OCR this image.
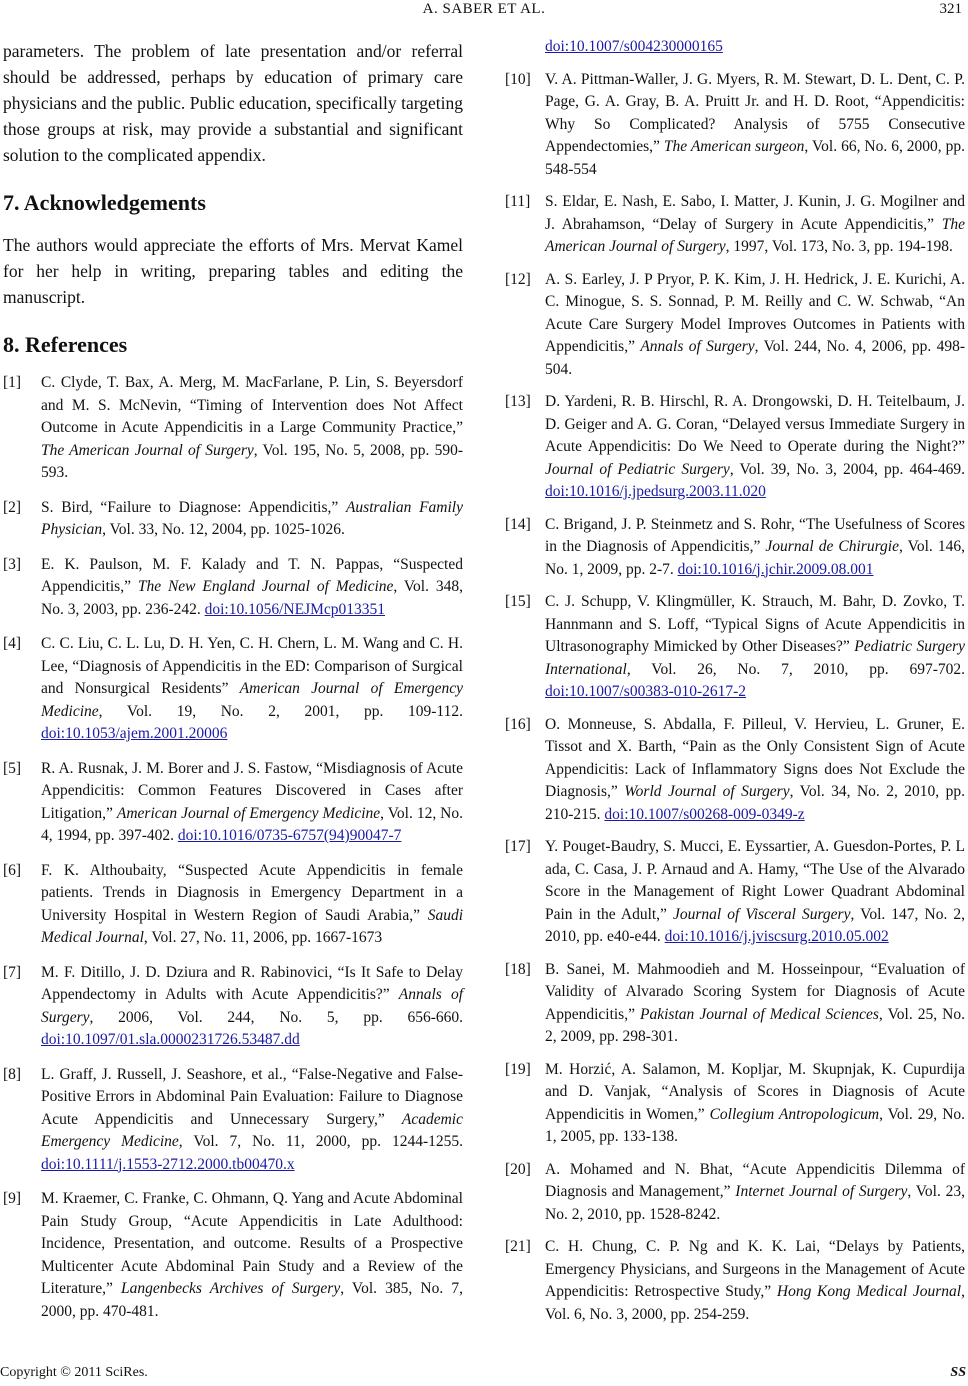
A. SABER ET AL.	321

parameters. The problem of late presentation and/or referral should be addressed, perhaps by education of primary care physicians and the public. Public education, specifically targeting those groups at risk, may provide a substantial and significant solution to the complicated appendix.

7. Acknowledgements

The authors would appreciate the efforts of Mrs. Mervat Kamel for her help in writing, preparing tables and editing the manuscript.

8. References
[1] C. Clyde, T. Bax, A. Merg, M. MacFarlane, P. Lin, S. Beyersdorf and M. S. McNevin, “Timing of Intervention does Not Affect Outcome in Acute Appendicitis in a Large Community Practice,” The American Journal of Surgery, Vol. 195, No. 5, 2008, pp. 590-593.
[2] S. Bird, “Failure to Diagnose: Appendicitis,” Australian Family Physician, Vol. 33, No. 12, 2004, pp. 1025-1026.
[3] E. K. Paulson, M. F. Kalady and T. N. Pappas, “Suspected Appendicitis,” The New England Journal of Medicine, Vol. 348, No. 3, 2003, pp. 236-242. doi:10.1056/NEJMcp013351
[4] C. C. Liu, C. L. Lu, D. H. Yen, C. H. Chern, L. M. Wang and C. H. Lee, “Diagnosis of Appendicitis in the ED: Comparison of Surgical and Nonsurgical Residents” American Journal of Emergency Medicine, Vol. 19, No. 2, 2001, pp. 109-112. doi:10.1053/ajem.2001.20006
[5] R. A. Rusnak, J. M. Borer and J. S. Fastow, “Misdiagnosis of Acute Appendicitis: Common Features Discovered in Cases after Litigation,” American Journal of Emergency Medicine, Vol. 12, No. 4, 1994, pp. 397-402. doi:10.1016/0735-6757(94)90047-7
[6] F. K. Althoubaity, “Suspected Acute Appendicitis in female patients. Trends in Diagnosis in Emergency Department in a University Hospital in Western Region of Saudi Arabia,” Saudi Medical Journal, Vol. 27, No. 11, 2006, pp. 1667-1673
[7] M. F. Ditillo, J. D. Dziura and R. Rabinovici, “Is It Safe to Delay Appendectomy in Adults with Acute Appendicitis?” Annals of Surgery, 2006, Vol. 244, No. 5, pp. 656-660. doi:10.1097/01.sla.0000231726.53487.dd
[8] L. Graff, J. Russell, J. Seashore, et al., “False-Negative and False-Positive Errors in Abdominal Pain Evaluation: Failure to Diagnose Acute Appendicitis and Unnecessary Surgery,” Academic Emergency Medicine, Vol. 7, No. 11, 2000, pp. 1244-1255. doi:10.1111/j.1553-2712.2000.tb00470.x
[9] M. Kraemer, C. Franke, C. Ohmann, Q. Yang and Acute Abdominal Pain Study Group, “Acute Appendicitis in Late Adulthood: Incidence, Presentation, and outcome. Results of a Prospective Multicenter Acute Abdominal Pain Study and a Review of the Literature,” Langenbecks Archives of Surgery, Vol. 385, No. 7, 2000, pp. 470-481.
doi:10.1007/s004230000165
[10] V. A. Pittman-Waller, J. G. Myers, R. M. Stewart, D. L. Dent, C. P. Page, G. A. Gray, B. A. Pruitt Jr. and H. D. Root, “Appendicitis: Why So Complicated? Analysis of 5755 Consecutive Appendectomies,” The American surgeon, Vol. 66, No. 6, 2000, pp. 548-554
[11] S. Eldar, E. Nash, E. Sabo, I. Matter, J. Kunin, J. G. Mogilner and J. Abrahamson, “Delay of Surgery in Acute Appendicitis,” The American Journal of Surgery, 1997, Vol. 173, No. 3, pp. 194-198.
[12] A. S. Earley, J. P Pryor, P. K. Kim, J. H. Hedrick, J. E. Kurichi, A. C. Minogue, S. S. Sonnad, P. M. Reilly and C. W. Schwab, “An Acute Care Surgery Model Improves Outcomes in Patients with Appendicitis,” Annals of Surgery, Vol. 244, No. 4, 2006, pp. 498-504.
[13] D. Yardeni, R. B. Hirschl, R. A. Drongowski, D. H. Teitelbaum, J. D. Geiger and A. G. Coran, “Delayed versus Immediate Surgery in Acute Appendicitis: Do We Need to Operate during the Night?” Journal of Pediatric Surgery, Vol. 39, No. 3, 2004, pp. 464-469. doi:10.1016/j.jpedsurg.2003.11.020
[14] C. Brigand, J. P. Steinmetz and S. Rohr, “The Usefulness of Scores in the Diagnosis of Appendicitis,” Journal de Chirurgie, Vol. 146, No. 1, 2009, pp. 2-7. doi:10.1016/j.jchir.2009.08.001
[15] C. J. Schupp, V. Klingmüller, K. Strauch, M. Bahr, D. Zovko, T. Hannmann and S. Loff, “Typical Signs of Acute Appendicitis in Ultrasonography Mimicked by Other Diseases?” Pediatric Surgery International, Vol. 26, No. 7, 2010, pp. 697-702. doi:10.1007/s00383-010-2617-2
[16] O. Monneuse, S. Abdalla, F. Pilleul, V. Hervieu, L. Gruner, E. Tissot and X. Barth, “Pain as the Only Consistent Sign of Acute Appendicitis: Lack of Inflammatory Signs does Not Exclude the Diagnosis,” World Journal of Surgery, Vol. 34, No. 2, 2010, pp. 210-215. doi:10.1007/s00268-009-0349-z
[17] Y. Pouget-Baudry, S. Mucci, E. Eyssartier, A. Guesdon-Portes, P. L ada, C. Casa, J. P. Arnaud and A. Hamy, “The Use of the Alvarado Score in the Management of Right Lower Quadrant Abdominal Pain in the Adult,” Journal of Visceral Surgery, Vol. 147, No. 2, 2010, pp. e40-e44. doi:10.1016/j.jviscsurg.2010.05.002
[18] B. Sanei, M. Mahmoodieh and M. Hosseinpour, “Evaluation of Validity of Alvarado Scoring System for Diagnosis of Acute Appendicitis,” Pakistan Journal of Medical Sciences, Vol. 25, No. 2, 2009, pp. 298-301.
[19] M. Horzić, A. Salamon, M. Kopljar, M. Skupnjak, K. Cupurdija and D. Vanjak, “Analysis of Scores in Diagnosis of Acute Appendicitis in Women,” Collegium Antropologicum, Vol. 29, No. 1, 2005, pp. 133-138.
[20] A. Mohamed and N. Bhat, “Acute Appendicitis Dilemma of Diagnosis and Management,” Internet Journal of Surgery, Vol. 23, No. 2, 2010, pp. 1528-8242.
[21] C. H. Chung, C. P. Ng and K. K. Lai, “Delays by Patients, Emergency Physicians, and Surgeons in the Management of Acute Appendicitis: Retrospective Study,” Hong Kong Medical Journal, Vol. 6, No. 3, 2000, pp. 254-259.
Copyright © 2011 SciRes.	SS
